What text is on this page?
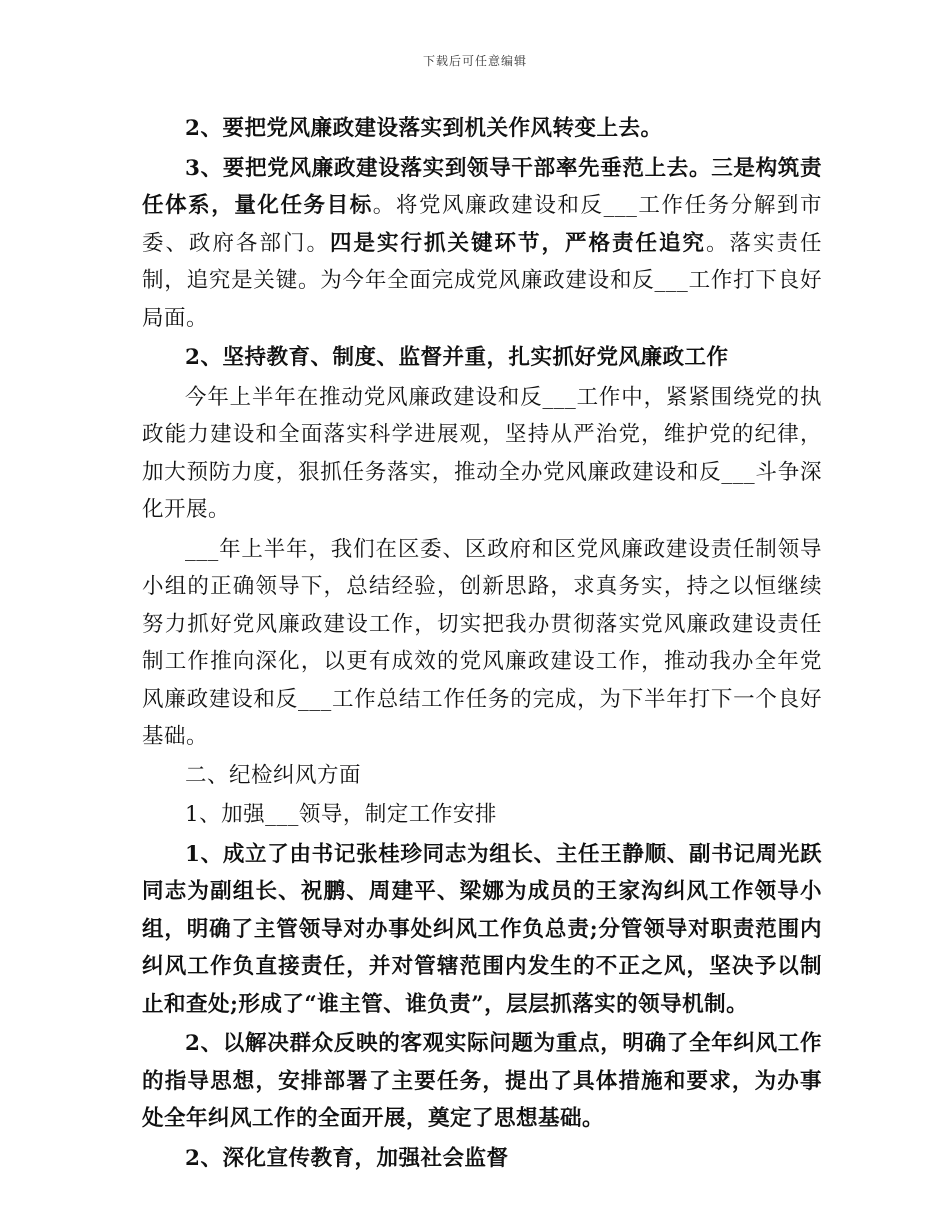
下载后可任意编辑

2、要把党风廉政建设落实到机关作风转变上去。

3、要把党风廉政建设落实到领导干部率先垂范上去。三是构筑责任体系，量化任务目标。将党风廉政建设和反___工作任务分解到市委、政府各部门。四是实行抓关键环节，严格责任追究。落实责任制，追究是关键。为今年全面完成党风廉政建设和反___工作打下良好局面。

2、坚持教育、制度、监督并重，扎实抓好党风廉政工作

今年上半年在推动党风廉政建设和反___工作中，紧紧围绕党的执政能力建设和全面落实科学进展观，坚持从严治党，维护党的纪律，加大预防力度，狠抓任务落实，推动全办党风廉政建设和反___斗争深化开展。

___年上半年，我们在区委、区政府和区党风廉政建设责任制领导小组的正确领导下，总结经验，创新思路，求真务实，持之以恒继续努力抓好党风廉政建设工作，切实把我办贯彻落实党风廉政建设责任制工作推向深化，以更有成效的党风廉政建设工作，推动我办全年党风廉政建设和反___工作总结工作任务的完成，为下半年打下一个良好基础。

二、纪检纠风方面

1、加强___领导，制定工作安排

1、成立了由书记张桂珍同志为组长、主任王静顺、副书记周光跃同志为副组长、祝鹏、周建平、梁娜为成员的王家沟纠风工作领导小组，明确了主管领导对办事处纠风工作负总责;分管领导对职责范围内纠风工作负直接责任，并对管辖范围内发生的不正之风，坚决予以制止和查处;形成了“谁主管、谁负责”，层层抓落实的领导机制。

2、以解决群众反映的客观实际问题为重点，明确了全年纠风工作的指导思想，安排部署了主要任务，提出了具体措施和要求，为办事处全年纠风工作的全面开展，奠定了思想基础。

2、深化宣传教育，加强社会监督
